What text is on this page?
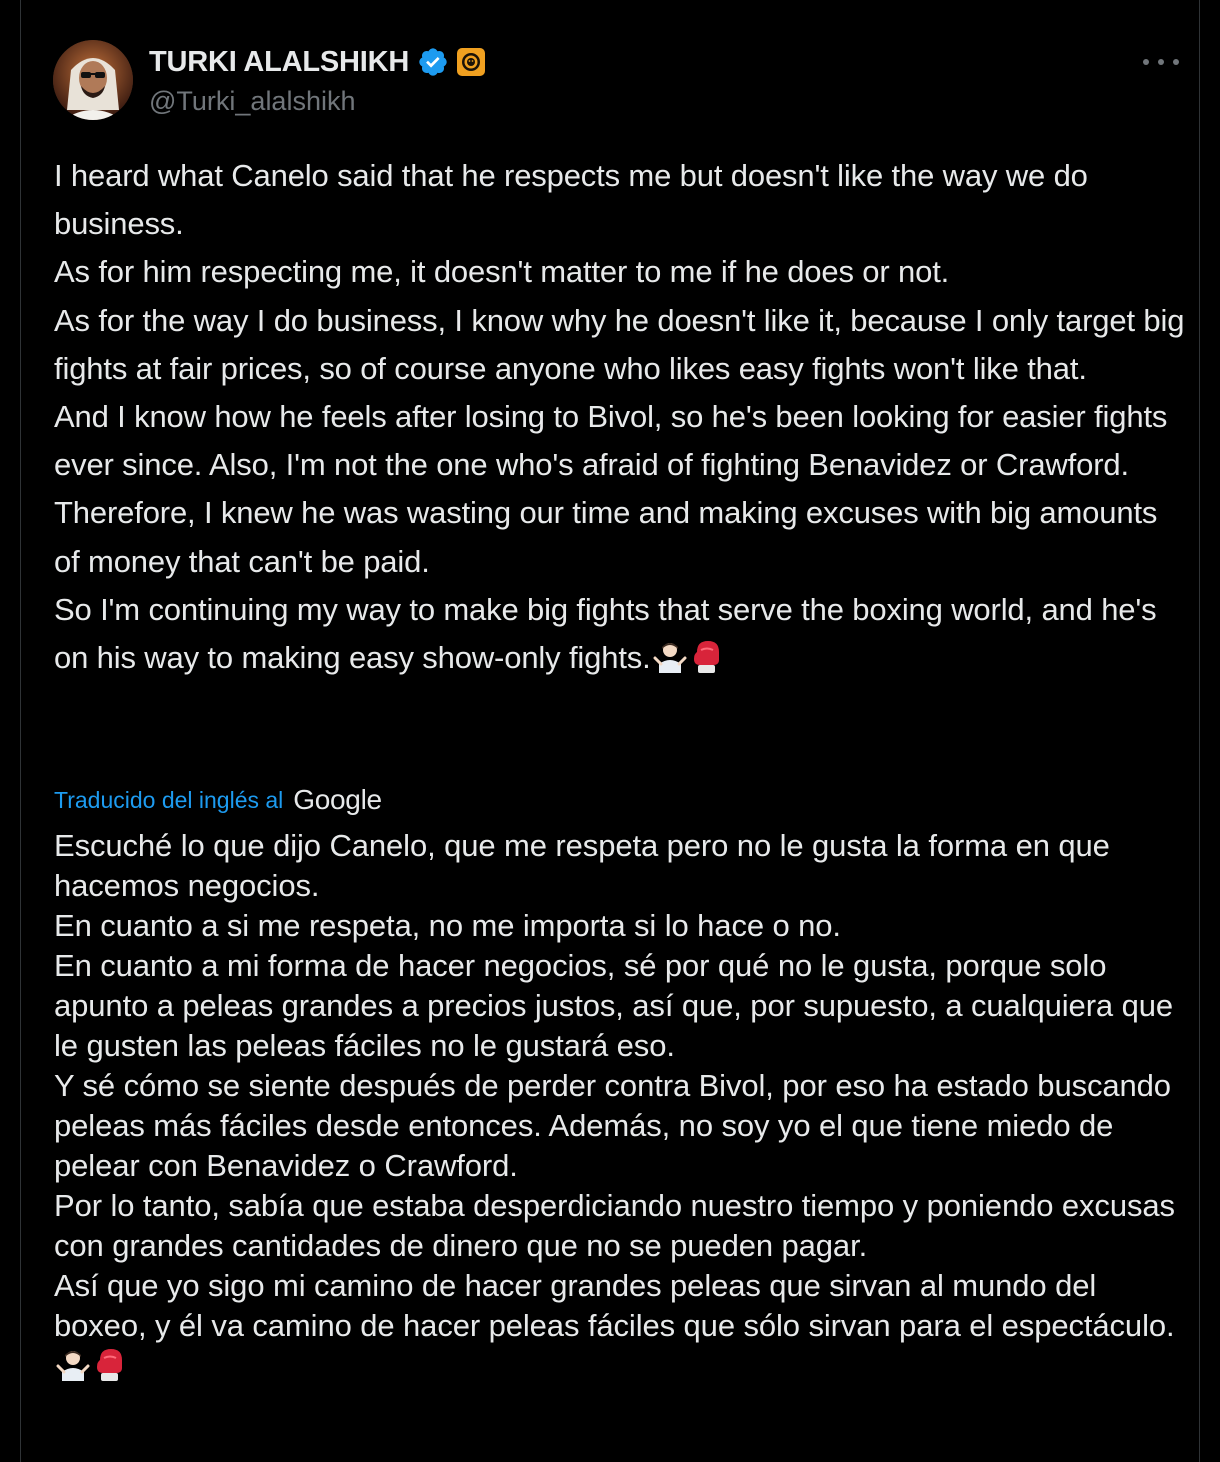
TURKI ALALSHIKH
@Turki_alalshikh

I heard what Canelo said that he respects me but doesn't like the way we do business.

As for him respecting me, it doesn't matter to me if he does or not.

As for the way I do business, I know why he doesn't like it, because I only target big fights at fair prices, so of course anyone who likes easy fights won't like that.

And I know how he feels after losing to Bivol, so he's been looking for easier fights ever since. Also, I'm not the one who's afraid of fighting Benavidez or Crawford.

Therefore, I knew he was wasting our time and making excuses with big amounts of money that can't be paid.

So I'm continuing my way to make big fights that serve the boxing world, and he's on his way to making easy show-only fights.

Traducido del inglés al Google

Escuché lo que dijo Canelo, que me respeta pero no le gusta la forma en que hacemos negocios.

En cuanto a si me respeta, no me importa si lo hace o no.

En cuanto a mi forma de hacer negocios, sé por qué no le gusta, porque solo apunto a peleas grandes a precios justos, así que, por supuesto, a cualquiera que le gusten las peleas fáciles no le gustará eso.

Y sé cómo se siente después de perder contra Bivol, por eso ha estado buscando peleas más fáciles desde entonces. Además, no soy yo el que tiene miedo de pelear con Benavidez o Crawford.

Por lo tanto, sabía que estaba desperdiciando nuestro tiempo y poniendo excusas con grandes cantidades de dinero que no se pueden pagar.

Así que yo sigo mi camino de hacer grandes peleas que sirvan al mundo del boxeo, y él va camino de hacer peleas fáciles que sólo sirvan para el espectáculo.
